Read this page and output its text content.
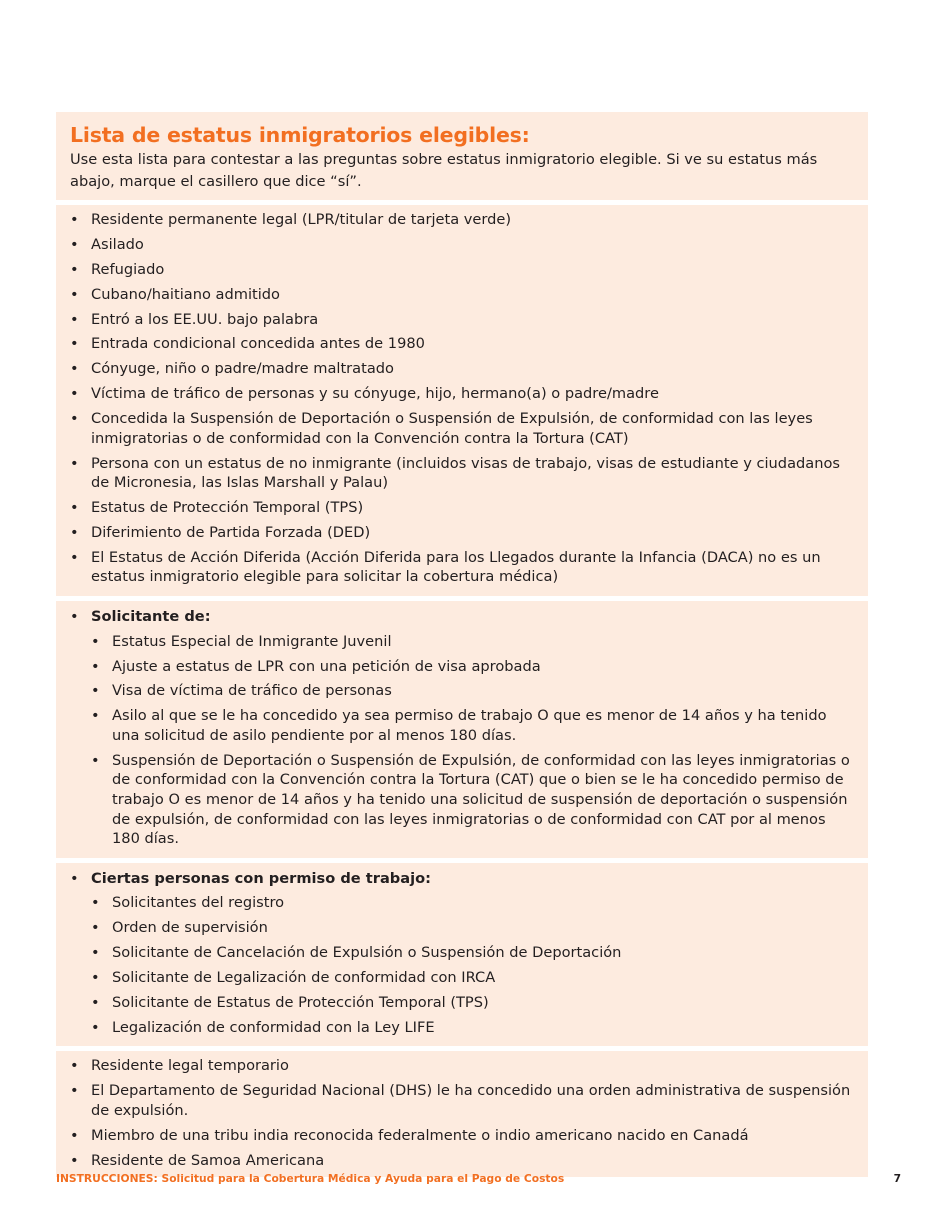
Lista de estatus inmigratorios elegibles:

Use esta lista para contestar a las preguntas sobre estatus inmigratorio elegible. Si ve su estatus más abajo, marque el casillero que dice “sí”.

• Residente permanente legal (LPR/titular de tarjeta verde)
• Asilado
• Refugiado
• Cubano/haitiano admitido
• Entró a los EE.UU. bajo palabra
• Entrada condicional concedida antes de 1980
• Cónyuge, niño o padre/madre maltratado
• Víctima de tráfico de personas y su cónyuge, hijo, hermano(a) o padre/madre
• Concedida la Suspensión de Deportación o Suspensión de Expulsión, de conformidad con las leyes inmigratorias o de conformidad con la Convención contra la Tortura (CAT)
• Persona con un estatus de no inmigrante (incluidos visas de trabajo, visas de estudiante y ciudadanos de Micronesia, las Islas Marshall y Palau)
• Estatus de Protección Temporal (TPS)
• Diferimiento de Partida Forzada (DED)
• El Estatus de Acción Diferida (Acción Diferida para los Llegados durante la Infancia (DACA) no es un estatus inmigratorio elegible para solicitar la cobertura médica)
• Solicitante de:
• Estatus Especial de Inmigrante Juvenil
• Ajuste a estatus de LPR con una petición de visa aprobada
• Visa de víctima de tráfico de personas
• Asilo al que se le ha concedido ya sea permiso de trabajo O que es menor de 14 años y ha tenido una solicitud de asilo pendiente por al menos 180 días.
• Suspensión de Deportación o Suspensión de Expulsión, de conformidad con las leyes inmigratorias o de conformidad con la Convención contra la Tortura (CAT) que o bien se le ha concedido permiso de trabajo O es menor de 14 años y ha tenido una solicitud de suspensión de deportación o suspensión de expulsión, de conformidad con las leyes inmigratorias o de conformidad con CAT por al menos 180 días.
• Ciertas personas con permiso de trabajo:
• Solicitantes del registro
• Orden de supervisión
• Solicitante de Cancelación de Expulsión o Suspensión de Deportación
• Solicitante de Legalización de conformidad con IRCA
• Solicitante de Estatus de Protección Temporal (TPS)
• Legalización de conformidad con la Ley LIFE
• Residente legal temporario
• El Departamento de Seguridad Nacional (DHS) le ha concedido una orden administrativa de suspensión de expulsión.
• Miembro de una tribu india reconocida federalmente o indio americano nacido en Canadá
• Residente de Samoa Americana
INSTRUCCIONES: Solicitud para la Cobertura Médica y Ayuda para el Pago de Costos	7
